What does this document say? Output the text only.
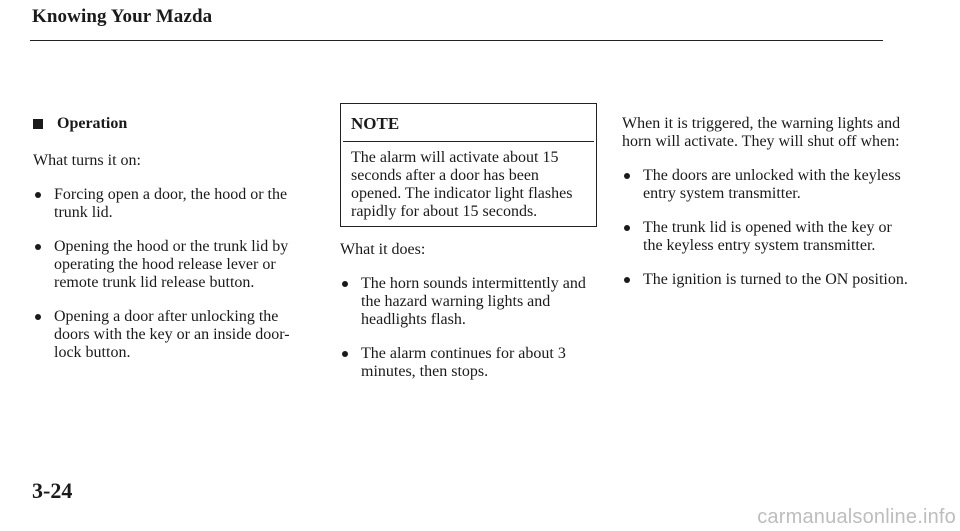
Knowing Your Mazda
Operation

What turns it on:

Forcing open a door, the hood or the trunk lid.
Opening the hood or the trunk lid by operating the hood release lever or remote trunk lid release button.
Opening a door after unlocking the doors with the key or an inside door-lock button.
NOTE
The alarm will activate about 15 seconds after a door has been opened. The indicator light flashes rapidly for about 15 seconds.

What it does:

The horn sounds intermittently and the hazard warning lights and headlights flash.
The alarm continues for about 3 minutes, then stops.

When it is triggered, the warning lights and horn will activate. They will shut off when:

The doors are unlocked with the keyless entry system transmitter.
The trunk lid is opened with the key or the keyless entry system transmitter.
The ignition is turned to the ON position.
3-24
carmanualsonline.info
